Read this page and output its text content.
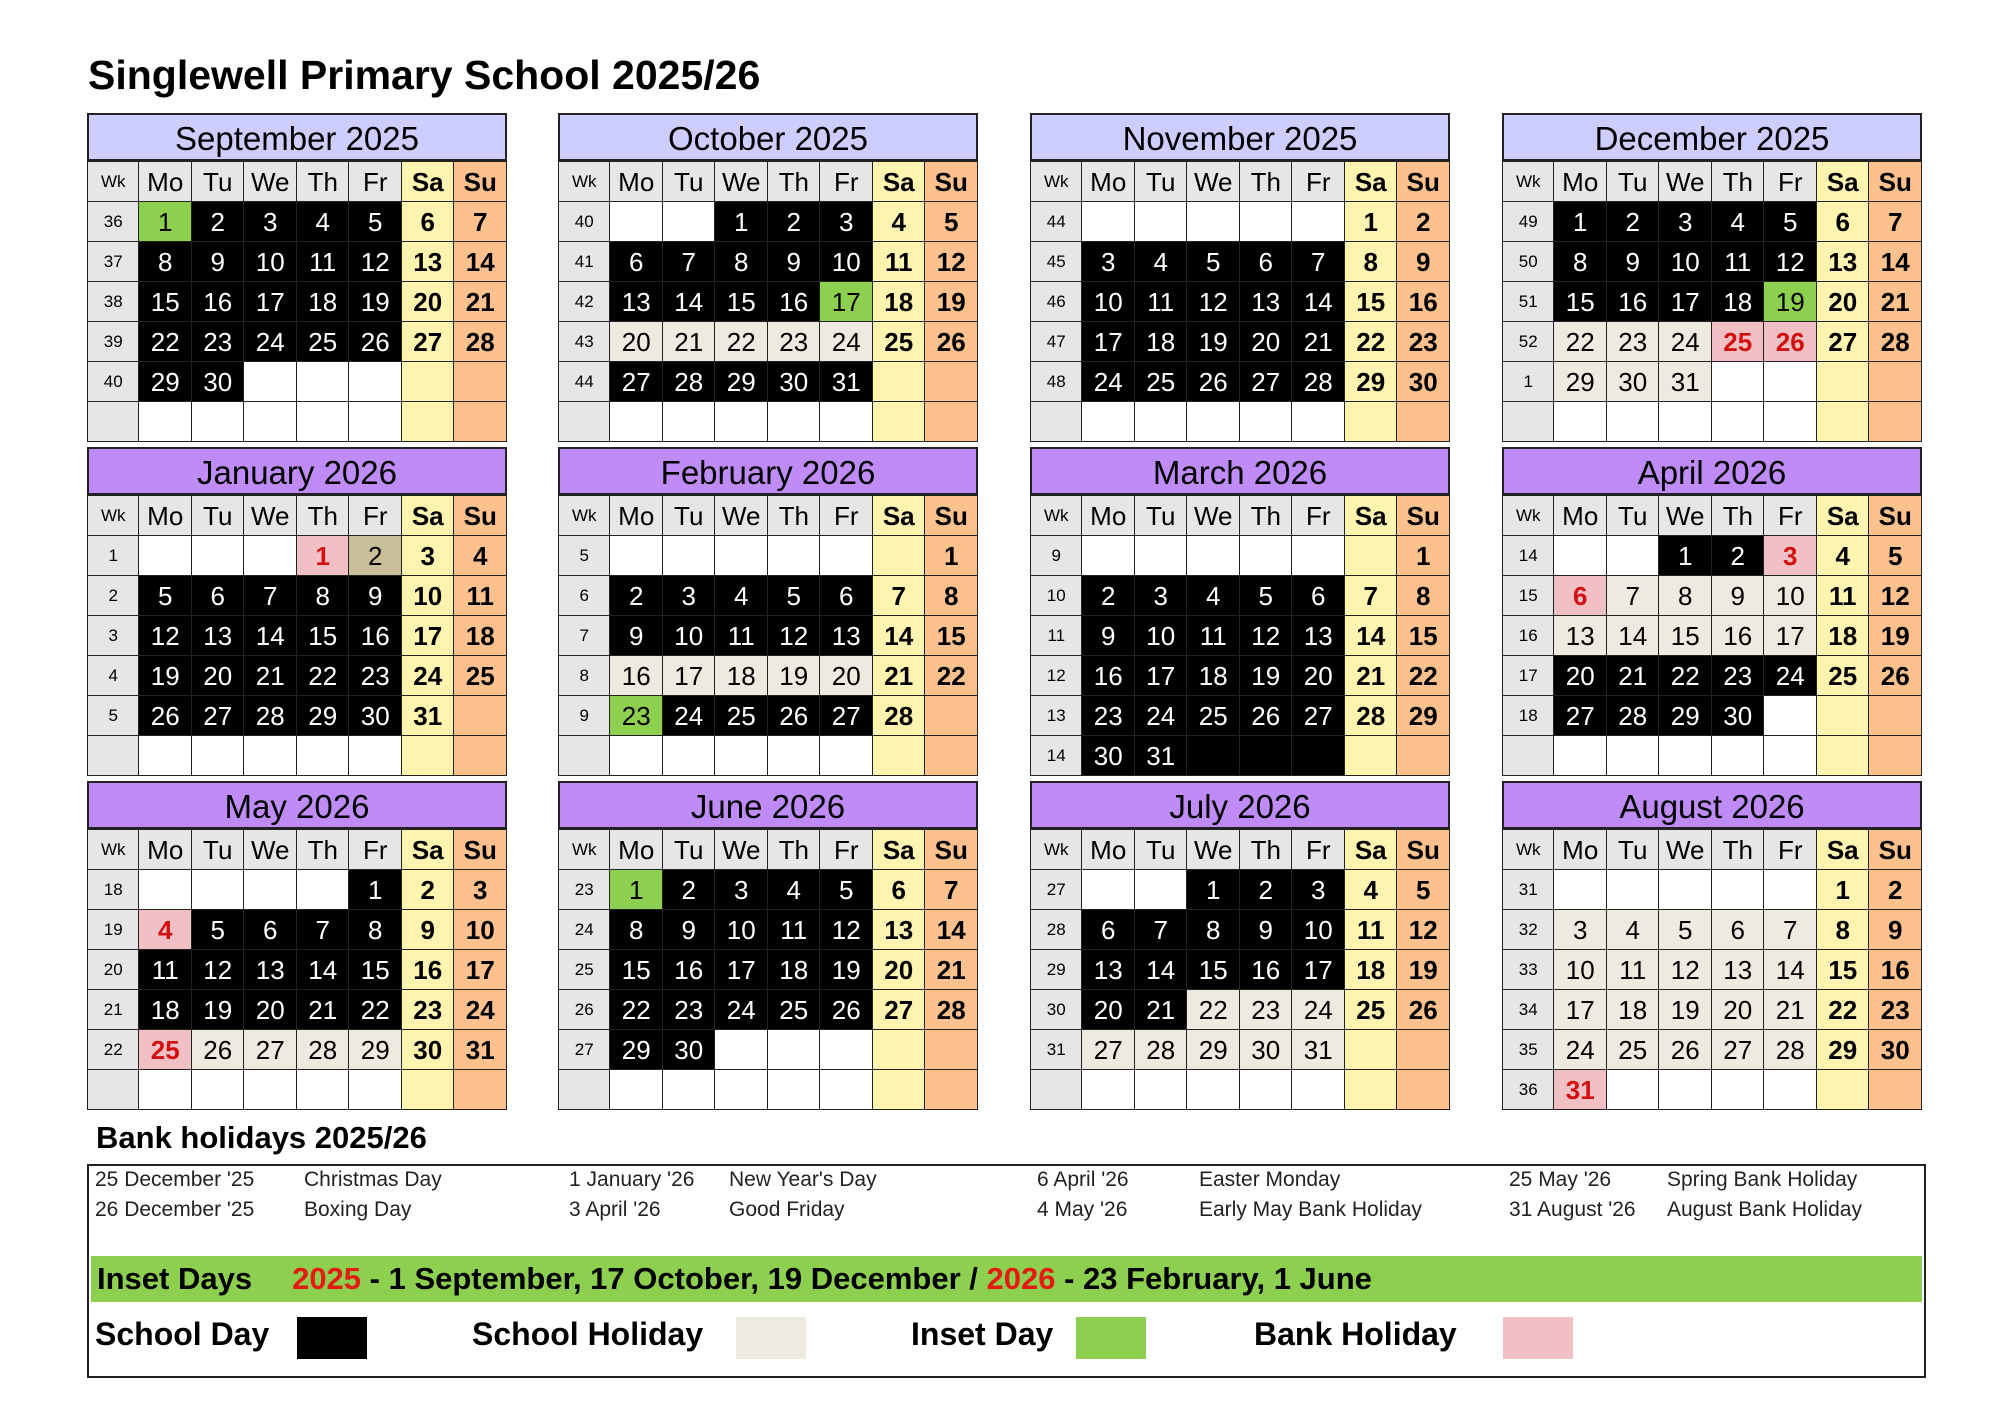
Singlewell Primary School 2025/26
September 2025
Wk	Mo	Tu	We	Th	Fr	Sa	Su
36	1	2	3	4	5	6	7
37	8	9	10	11	12	13	14
38	15	16	17	18	19	20	21
39	22	23	24	25	26	27	28
40	29	30					

October 2025
Wk	Mo	Tu	We	Th	Fr	Sa	Su
40			1	2	3	4	5
41	6	7	8	9	10	11	12
42	13	14	15	16	17	18	19
43	20	21	22	23	24	25	26
44	27	28	29	30	31		

November 2025
Wk	Mo	Tu	We	Th	Fr	Sa	Su
44						1	2
45	3	4	5	6	7	8	9
46	10	11	12	13	14	15	16
47	17	18	19	20	21	22	23
48	24	25	26	27	28	29	30

December 2025
Wk	Mo	Tu	We	Th	Fr	Sa	Su
49	1	2	3	4	5	6	7
50	8	9	10	11	12	13	14
51	15	16	17	18	19	20	21
52	22	23	24	25	26	27	28
1	29	30	31				

January 2026
Wk	Mo	Tu	We	Th	Fr	Sa	Su
1				1	2	3	4
2	5	6	7	8	9	10	11
3	12	13	14	15	16	17	18
4	19	20	21	22	23	24	25
5	26	27	28	29	30	31	

February 2026
Wk	Mo	Tu	We	Th	Fr	Sa	Su
5							1
6	2	3	4	5	6	7	8
7	9	10	11	12	13	14	15
8	16	17	18	19	20	21	22
9	23	24	25	26	27	28	

March 2026
Wk	Mo	Tu	We	Th	Fr	Sa	Su
9							1
10	2	3	4	5	6	7	8
11	9	10	11	12	13	14	15
12	16	17	18	19	20	21	22
13	23	24	25	26	27	28	29
14	30	31					
April 2026
Wk	Mo	Tu	We	Th	Fr	Sa	Su
14			1	2	3	4	5
15	6	7	8	9	10	11	12
16	13	14	15	16	17	18	19
17	20	21	22	23	24	25	26
18	27	28	29	30			

May 2026
Wk	Mo	Tu	We	Th	Fr	Sa	Su
18					1	2	3
19	4	5	6	7	8	9	10
20	11	12	13	14	15	16	17
21	18	19	20	21	22	23	24
22	25	26	27	28	29	30	31

June 2026
Wk	Mo	Tu	We	Th	Fr	Sa	Su
23	1	2	3	4	5	6	7
24	8	9	10	11	12	13	14
25	15	16	17	18	19	20	21
26	22	23	24	25	26	27	28
27	29	30					

July 2026
Wk	Mo	Tu	We	Th	Fr	Sa	Su
27			1	2	3	4	5
28	6	7	8	9	10	11	12
29	13	14	15	16	17	18	19
30	20	21	22	23	24	25	26
31	27	28	29	30	31		

August 2026
Wk	Mo	Tu	We	Th	Fr	Sa	Su
31						1	2
32	3	4	5	6	7	8	9
33	10	11	12	13	14	15	16
34	17	18	19	20	21	22	23
35	24	25	26	27	28	29	30
36	31						
Bank holidays 2025/26
25 December '25 Christmas Day
26 December '25 Boxing Day
1 January '26 New Year's Day
3 April '26	Good Friday
6 April '26	Easter Monday
4 May '26	Early May Bank Holiday
25 May '26	Spring Bank Holiday
31 August '26 August Bank Holiday
Inset Days 2025 - 1 September, 17 October, 19 December / 2026 - 23 February, 1 June
School Day	School Holiday	Inset Day	Bank Holiday
